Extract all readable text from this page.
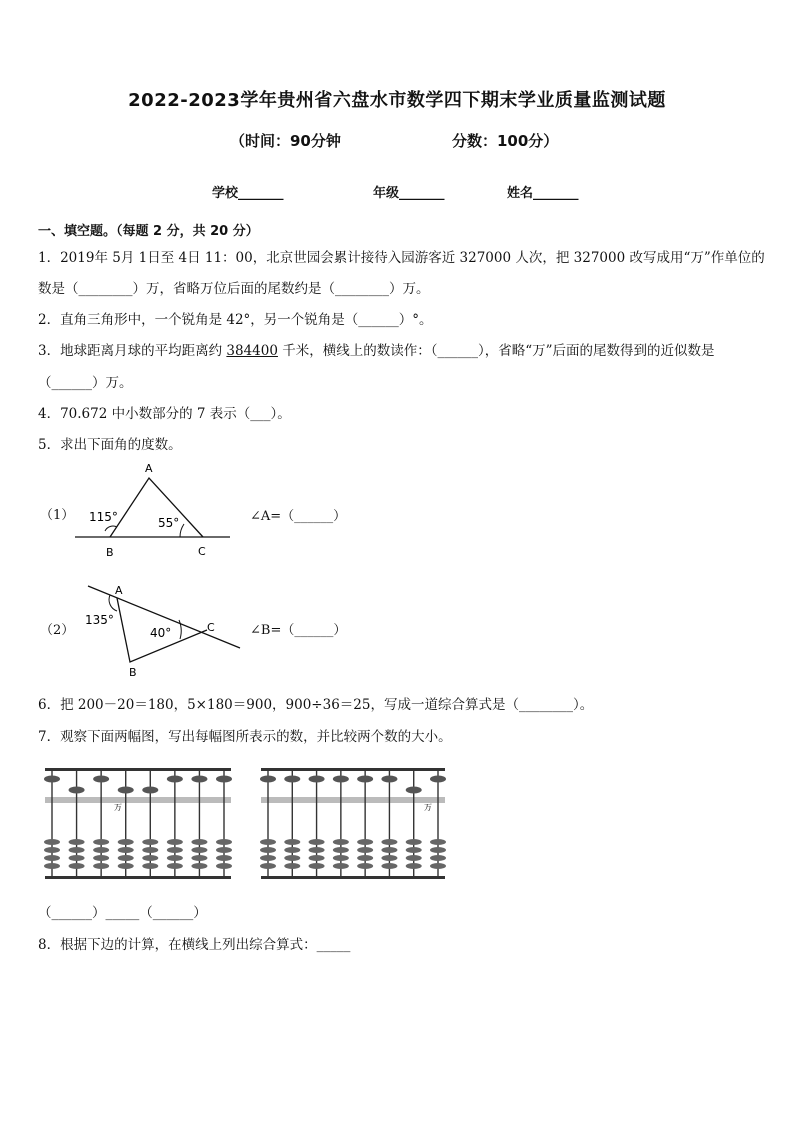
2022-2023学年贵州省六盘水市数学四下期末学业质量监测试题
（时间：90分钟	分数：100分）
学校_______	年级_______	姓名_______
一、填空题。（每题 2 分，共 20 分）
1．2019年 5月 1日至 4日 11：00，北京世园会累计接待入园游客近 327000 人次，把 327000 改写成用“万”作单位的
数是（________）万，省略万位后面的尾数约是（________）万。
2．直角三角形中，一个锐角是 42°，另一个锐角是（______）°。
3．地球距离月球的平均距离约 384400 千米，横线上的数读作：（______），省略“万”后面的尾数得到的近似数是
（______）万。
4．70.672 中小数部分的 7 表示（___）。
5．求出下面角的度数。
（1）
A
B	C
115°	55°	∠A=（______）
（2）
A
B
C
135°
40°	∠B=（______）
6．把 200－20＝180，5×180＝900，900÷36＝25，写成一道综合算式是（________）。
7．观察下面两幅图，写出每幅图所表示的数，并比较两个数的大小。
万	万
（______）_____（______）
8．根据下边的计算，在横线上列出综合算式：_____
